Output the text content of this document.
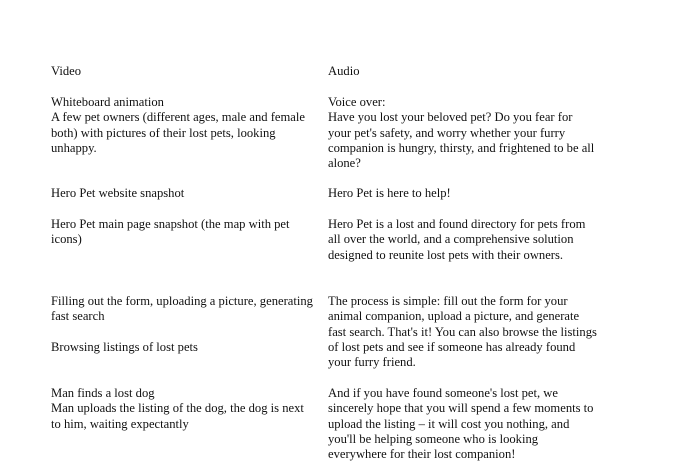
Video	Audio
Whiteboard animation
A few pet owners (different ages, male and female both) with pictures of their lost pets, looking unhappy.
Voice over:
Have you lost your beloved pet? Do you fear for your pet's safety, and worry whether your furry companion is hungry, thirsty, and frightened to be all alone?
Hero Pet website snapshot	Hero Pet is here to help!
Hero Pet main page snapshot (the map with pet icons)
Hero Pet is a lost and found directory for pets from all over the world, and a comprehensive solution designed to reunite lost pets with their owners.
Filling out the form, uploading a picture, generating fast search
The process is simple: fill out the form for your animal companion, upload a picture, and generate fast search. That's it! You can also browse the listings of lost pets and see if someone has already found your furry friend.
Browsing listings of lost pets
Man finds a lost dog
Man uploads the listing of the dog, the dog is next to him, waiting expectantly
And if you have found someone's lost pet, we sincerely hope that you will spend a few moments to upload the listing – it will cost you nothing, and you'll be helping someone who is looking everywhere for their lost companion!
